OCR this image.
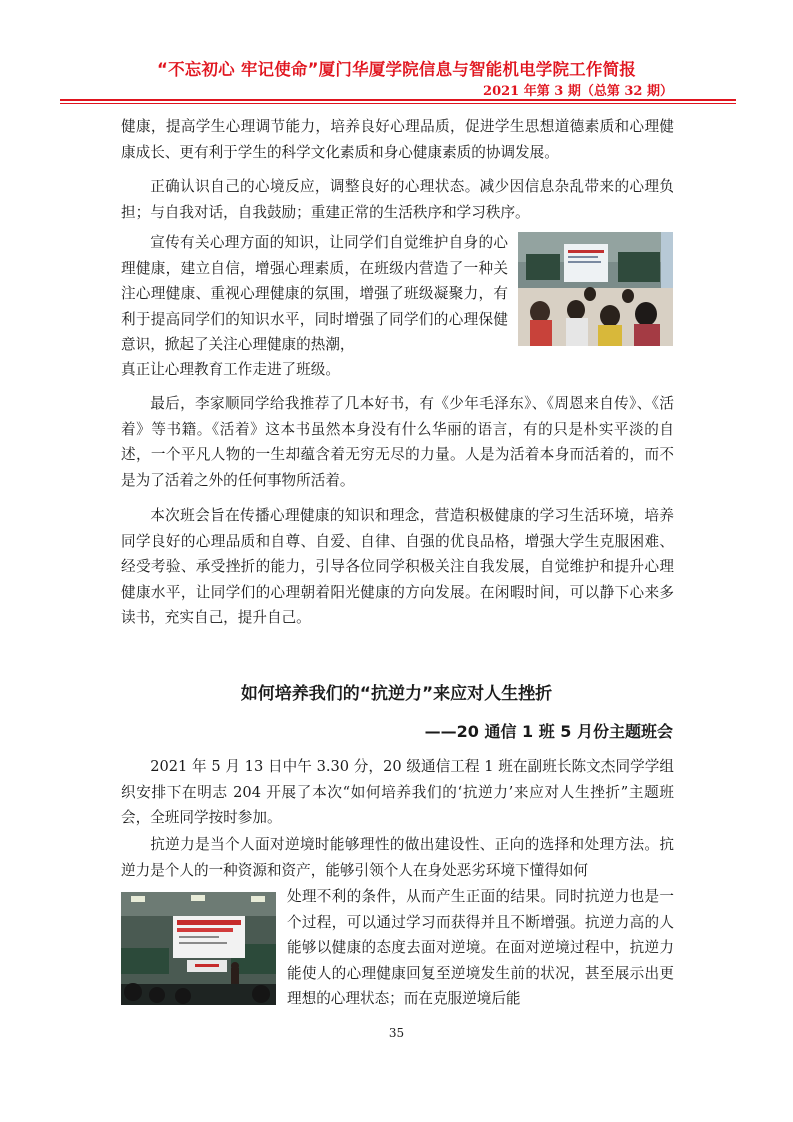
“不忘初心 牢记使命”厦门华厦学院信息与智能机电学院工作简报
2021 年第 3 期（总第 32 期）
健康，提高学生心理调节能力，培养良好心理品质，促进学生思想道德素质和心理健康成长、更有利于学生的科学文化素质和身心健康素质的协调发展。
正确认识自己的心境反应，调整良好的心理状态。减少因信息杂乱带来的心理负担；与自我对话，自我鼓励；重建正常的生活秩序和学习秩序。
宣传有关心理方面的知识，让同学们自觉维护自身的心理健康，建立自信，增强心理素质，在班级内营造了一种关注心理健康、重视心理健康的氛围，增强了班级凝聚力，有利于提高同学们的知识水平，同时增强了同学们的心理保健意识，掀起了关注心理健康的热潮，
真正让心理教育工作走进了班级。
最后，李家顺同学给我推荐了几本好书，有《少年毛泽东》、《周恩来自传》、《活着》等书籍。《活着》这本书虽然本身没有什么华丽的语言，有的只是朴实平淡的自述，一个平凡人物的一生却蕴含着无穷无尽的力量。人是为活着本身而活着的，而不是为了活着之外的任何事物所活着。
本次班会旨在传播心理健康的知识和理念，营造积极健康的学习生活环境，培养同学良好的心理品质和自尊、自爱、自律、自强的优良品格，增强大学生克服困难、经受考验、承受挫折的能力，引导各位同学积极关注自我发展，自觉维护和提升心理健康水平，让同学们的心理朝着阳光健康的方向发展。在闲暇时间，可以静下心来多读书，充实自己，提升自己。
如何培养我们的“抗逆力”来应对人生挫折
——20 通信 1 班 5 月份主题班会
2021 年 5 月 13 日中午 3.30 分，20 级通信工程 1 班在副班长陈文杰同学学组织安排下在明志 204 开展了本次“如何培养我们的‘抗逆力’来应对人生挫折”主题班会，全班同学按时参加。
抗逆力是当个人面对逆境时能够理性的做出建设性、正向的选择和处理方法。抗逆力是个人的一种资源和资产，能够引领个人在身处恶劣环境下懂得如何
处理不利的条件，从而产生正面的结果。同时抗逆力也是一个过程，可以通过学习而获得并且不断增强。抗逆力高的人能够以健康的态度去面对逆境。在面对逆境过程中，抗逆力能使人的心理健康回复至逆境发生前的状况，甚至展示出更理想的心理状态；而在克服逆境后能
35
